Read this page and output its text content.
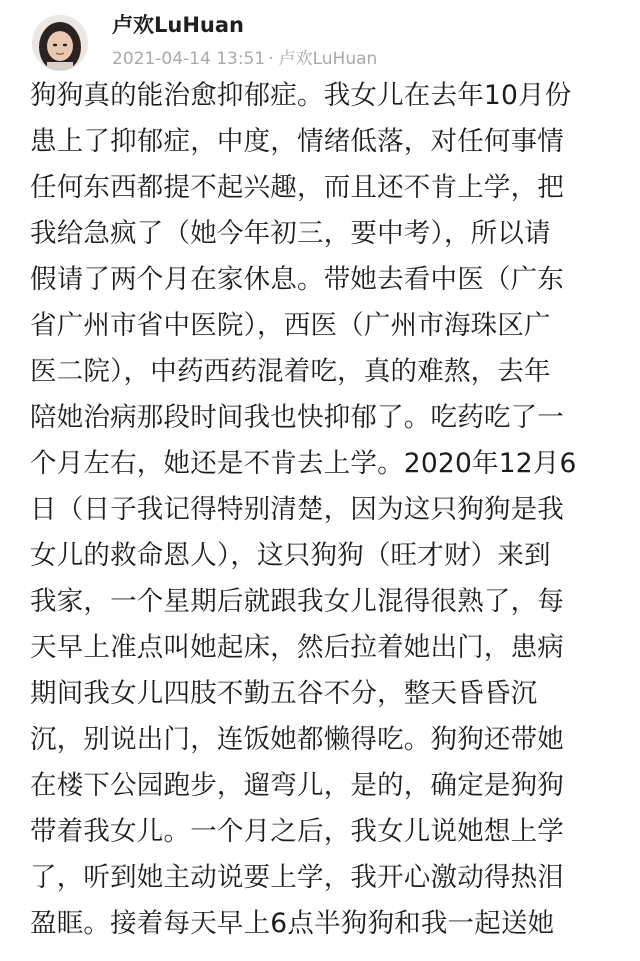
卢欢LuHuan
2021-04-14 13:51 · 卢欢LuHuan
狗狗真的能治愈抑郁症。我女儿在去年10月份
患上了抑郁症，中度，情绪低落，对任何事情
任何东西都提不起兴趣，而且还不肯上学，把
我给急疯了（她今年初三，要中考），所以请
假请了两个月在家休息。带她去看中医（广东
省广州市省中医院），西医（广州市海珠区广
医二院），中药西药混着吃，真的难熬，去年
陪她治病那段时间我也快抑郁了。吃药吃了一
个月左右，她还是不肯去上学。2020年12月6
日（日子我记得特别清楚，因为这只狗狗是我
女儿的救命恩人），这只狗狗（旺才财）来到
我家，一个星期后就跟我女儿混得很熟了，每
天早上准点叫她起床，然后拉着她出门，患病
期间我女儿四肢不勤五谷不分，整天昏昏沉
沉，别说出门，连饭她都懒得吃。狗狗还带她
在楼下公园跑步，遛弯儿，是的，确定是狗狗
带着我女儿。一个月之后，我女儿说她想上学
了，听到她主动说要上学，我开心激动得热泪
盈眶。接着每天早上6点半狗狗和我一起送她
